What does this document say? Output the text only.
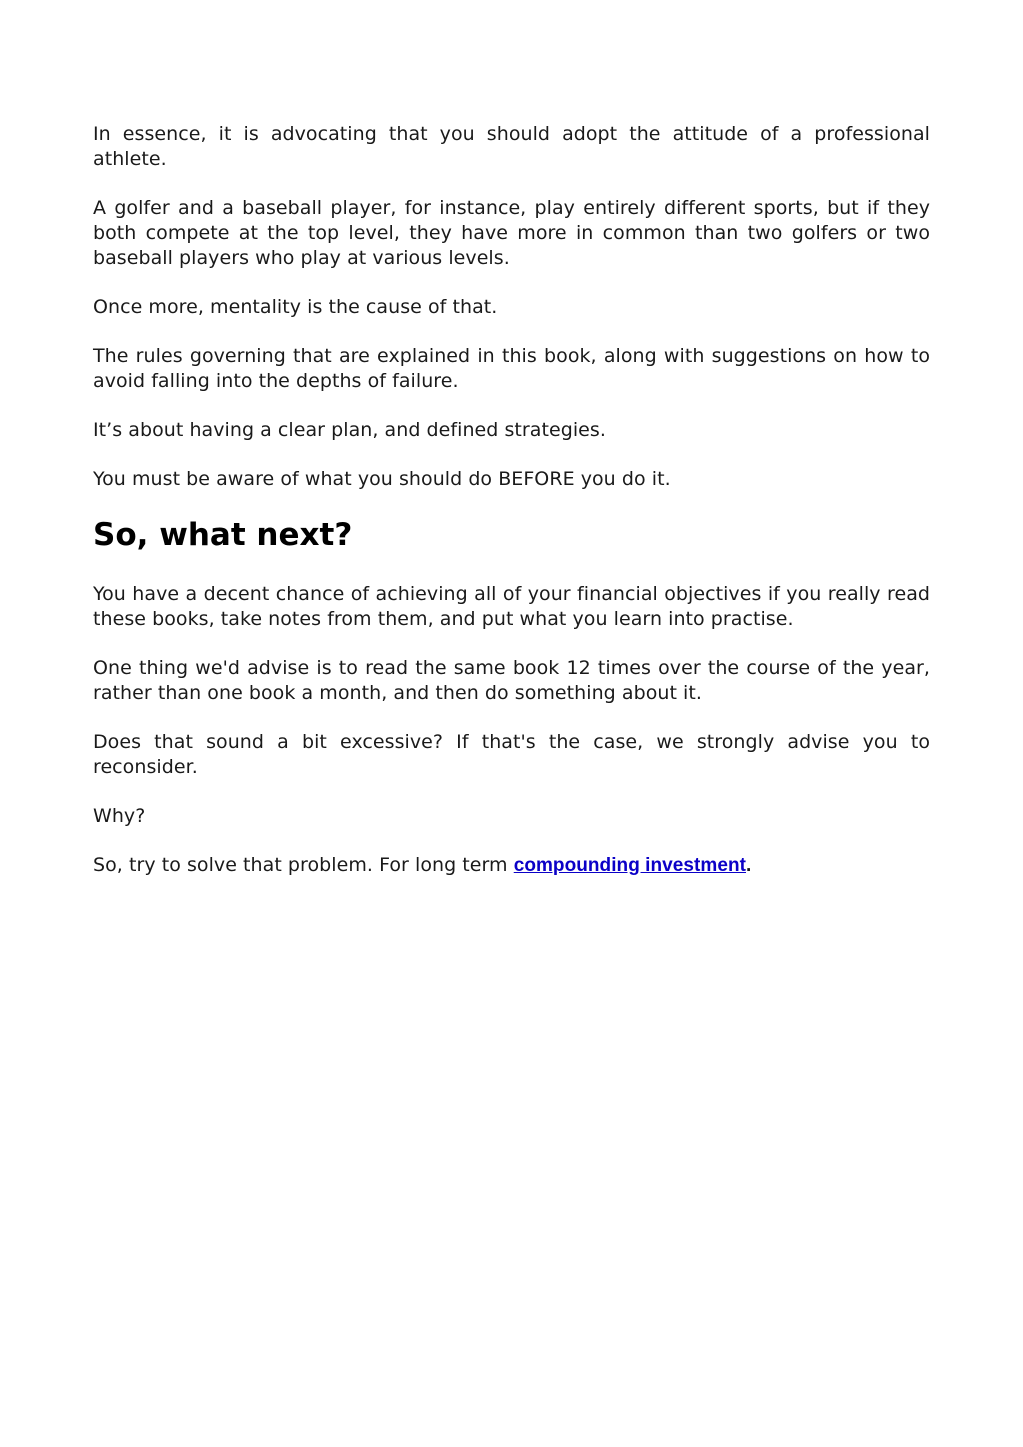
In essence, it is advocating that you should adopt the attitude of a professional athlete.

A golfer and a baseball player, for instance, play entirely different sports, but if they both compete at the top level, they have more in common than two golfers or two baseball players who play at various levels.

Once more, mentality is the cause of that.

The rules governing that are explained in this book, along with suggestions on how to avoid falling into the depths of failure.

It’s about having a clear plan, and defined strategies.

You must be aware of what you should do BEFORE you do it.

So, what next?

You have a decent chance of achieving all of your financial objectives if you really read these books, take notes from them, and put what you learn into practise.

One thing we'd advise is to read the same book 12 times over the course of the year, rather than one book a month, and then do something about it.

Does that sound a bit excessive? If that's the case, we strongly advise you to reconsider.

Why?

So, try to solve that problem. For long term compounding investment.
